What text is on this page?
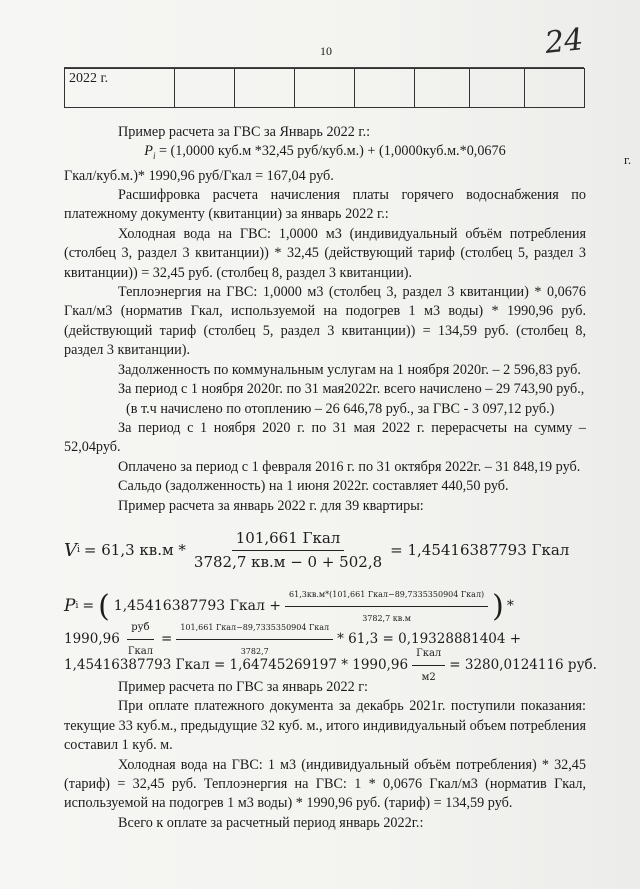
10	24
2022 г.							
г.

Пример расчета за ГВС за Январь 2022 г.:

$P_i = (1,0000$ куб.м *32,45 руб/куб.м.) + (1,0000куб.м.*0,0676

Гкал/куб.м.)* 1990,96 руб/Гкал = 167,04 руб.

Расшифровка расчета начисления платы горячего водоснабжения по платежному документу (квитанции) за январь 2022 г.:

Холодная вода на ГВС: 1,0000 м3 (индивидуальный объём потребления (столбец 3, раздел 3 квитанции)) * 32,45 (действующий тариф (столбец 5, раздел 3 квитанции)) = 32,45 руб. (столбец 8, раздел 3 квитанции).

Теплоэнергия на ГВС: 1,0000 м3 (столбец 3, раздел 3 квитанции) * 0,0676 Гкал/м3 (норматив Гкал, используемой на подогрев 1 м3 воды) * 1990,96 руб. (действующий тариф (столбец 5, раздел 3 квитанции)) = 134,59 руб. (столбец 8, раздел 3 квитанции).

Задолженность по коммунальным услугам на 1 ноября 2020г. – 2 596,83 руб.

За период с 1 ноября 2020г. по 31 мая2022г. всего начислено – 29 743,90 руб.,

(в т.ч начислено по отоплению – 26 646,78 руб., за ГВС - 3 097,12 руб.)

За период с 1 ноября 2020 г. по 31 мая 2022 г. перерасчеты на сумму – 52,04руб.

Оплачено за период с 1 февраля 2016 г. по 31 октября 2022г. – 31 848,19 руб.

Сальдо (задолженность) на 1 июня 2022г. составляет 440,50 руб.

Пример расчета за январь 2022 г. для 39 квартиры:

V i = 61,3 $кв.м * \frac{\text{101,661 Гкал}}{3782,7 кв.м - 0 + 502,8} = 1,45416387793$ Гкал
P i = ( 1,45416387793 Гкал + $\frac{\text{61,3кв.м*(101,661 Гкал−89,7335350904 Гкал)}}{3782,7 кв.м}$ ) *
$1990,96 \frac{\text{руб}}{\text{Гкал}} = \frac{\text{101,661 Гкал−89,7335350904 Гкал}}{3782,7} * 61,3 = 0,19328881404$ +
1,45416387793 Гкал = $1,64745269197 * 1990,96 \frac{\text{Гкал}}{м2} = 3280,0124116$ руб.

Пример расчета по ГВС за январь 2022 г:

При оплате платежного документа за декабрь 2021г. поступили показания: текущие 33 куб.м., предыдущие 32 куб. м., итого индивидуальный объем потребления составил 1 куб. м.

Холодная вода на ГВС: 1 м3 (индивидуальный объём потребления) * 32,45 (тариф) = 32,45 руб. Теплоэнергия на ГВС: 1 * 0,0676 Гкал/м3 (норматив Гкал, используемой на подогрев 1 м3 воды) * 1990,96 руб. (тариф) = 134,59 руб.

Всего к оплате за расчетный период январь 2022г.:
